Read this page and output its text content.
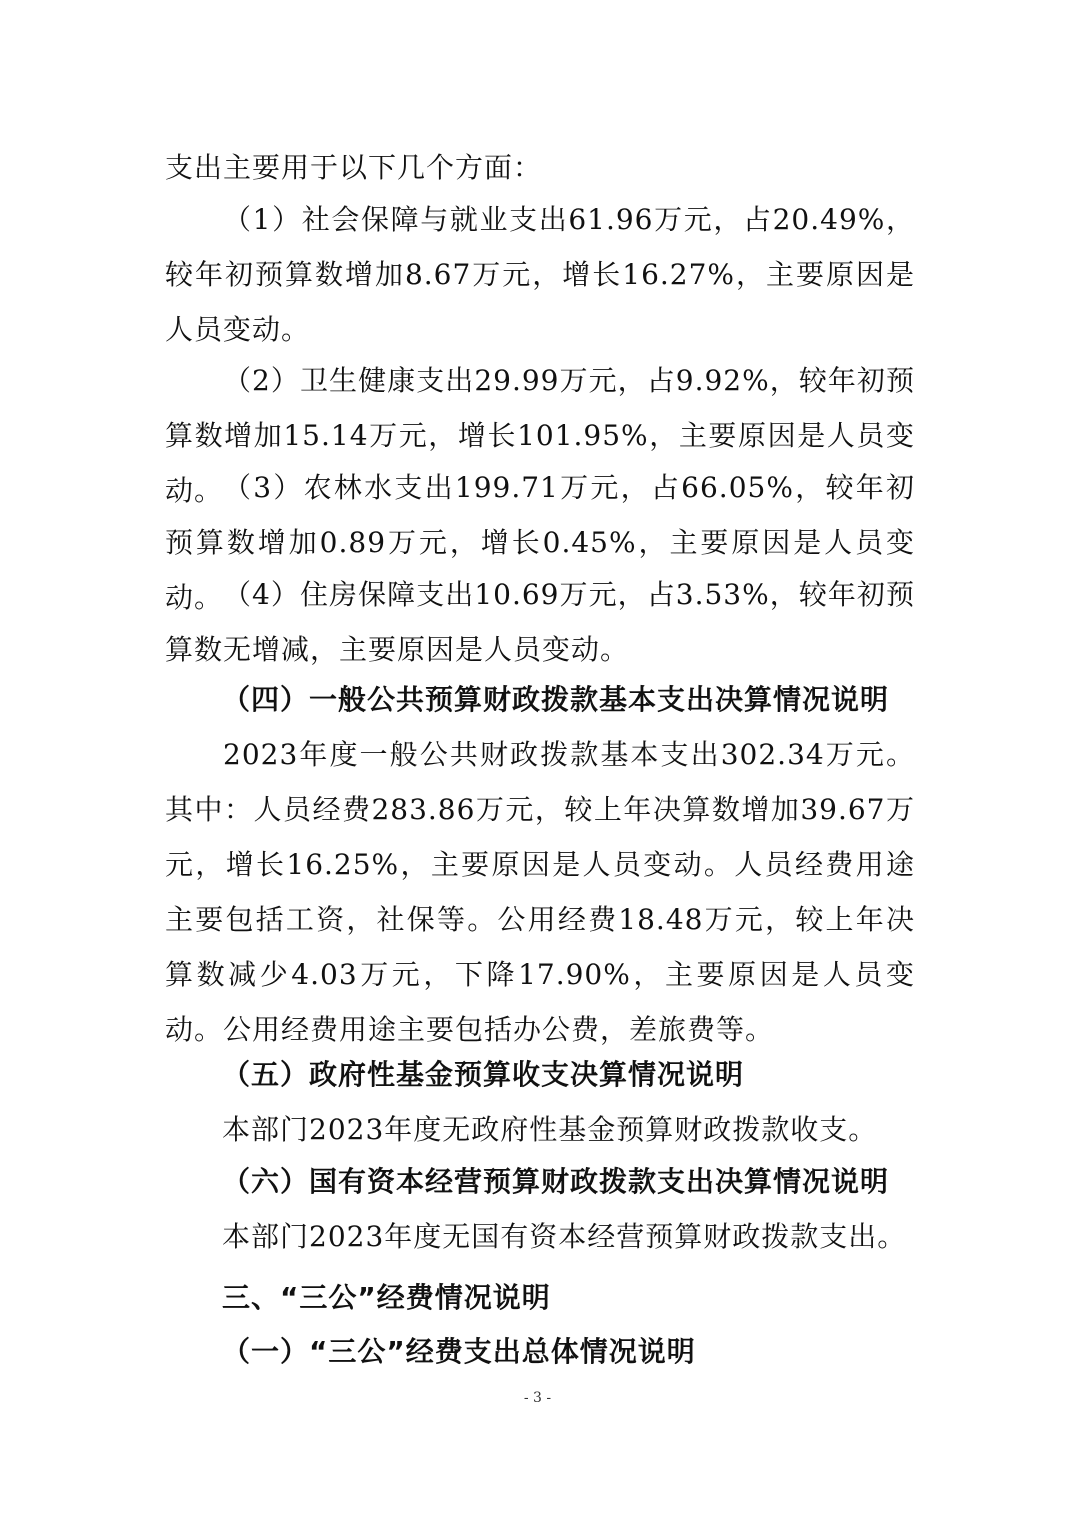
支出主要用于以下几个方面：

（1）社会保障与就业支出61.96万元，占20.49%，较年初预算数增加8.67万元，增长16.27%，主要原因是人员变动。

（2）卫生健康支出29.99万元，占9.92%，较年初预算数增加15.14万元，增长101.95%，主要原因是人员变动。 （3）农林水支出199.71万元，占66.05%，较年初预算数增加0.89万元，增长0.45%，主要原因是人员变动。 （4）住房保障支出10.69万元，占3.53%，较年初预算数无增减，主要原因是人员变动。

（四）一般公共预算财政拨款基本支出决算情况说明

2023年度一般公共财政拨款基本支出302.34万元。其中：人员经费283.86万元，较上年决算数增加39.67万元，增长16.25%，主要原因是人员变动。人员经费用途主要包括工资，社保等。公用经费18.48万元，较上年决算数减少4.03万元，下降17.90%，主要原因是人员变动。公用经费用途主要包括办公费，差旅费等。

（五）政府性基金预算收支决算情况说明

本部门2023年度无政府性基金预算财政拨款收支。

（六）国有资本经营预算财政拨款支出决算情况说明

本部门2023年度无国有资本经营预算财政拨款支出。

三、“三公”经费情况说明
（一）“三公”经费支出总体情况说明
- 3 -
